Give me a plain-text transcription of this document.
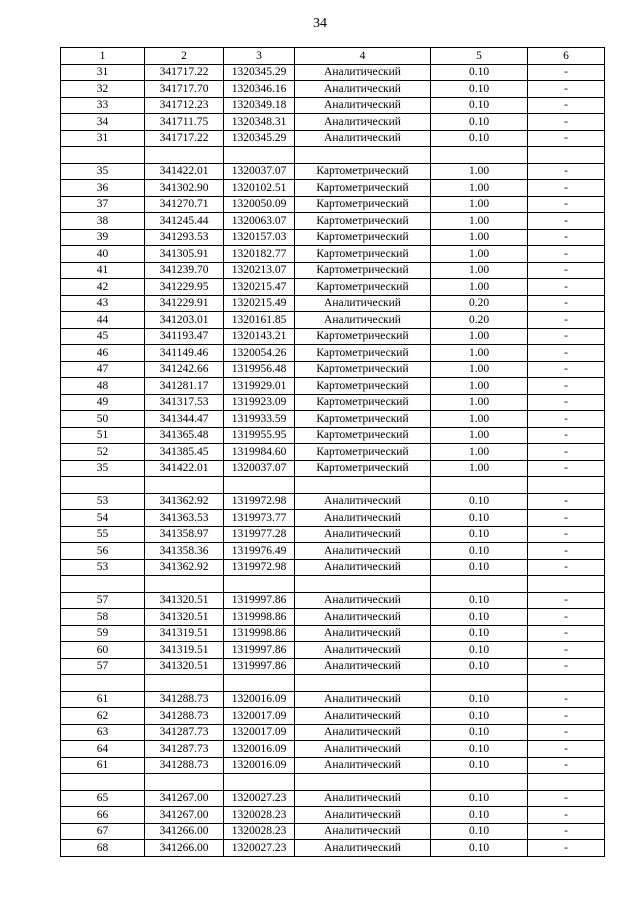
34
1	2	3	4	5	6
31	341717.22	1320345.29	Аналитический	0.10	-
32	341717.70	1320346.16	Аналитический	0.10	-
33	341712.23	1320349.18	Аналитический	0.10	-
34	341711.75	1320348.31	Аналитический	0.10	-
31	341717.22	1320345.29	Аналитический	0.10	-

35	341422.01	1320037.07	Картометрический	1.00	-
36	341302.90	1320102.51	Картометрический	1.00	-
37	341270.71	1320050.09	Картометрический	1.00	-
38	341245.44	1320063.07	Картометрический	1.00	-
39	341293.53	1320157.03	Картометрический	1.00	-
40	341305.91	1320182.77	Картометрический	1.00	-
41	341239.70	1320213.07	Картометрический	1.00	-
42	341229.95	1320215.47	Картометрический	1.00	-
43	341229.91	1320215.49	Аналитический	0.20	-
44	341203.01	1320161.85	Аналитический	0.20	-
45	341193.47	1320143.21	Картометрический	1.00	-
46	341149.46	1320054.26	Картометрический	1.00	-
47	341242.66	1319956.48	Картометрический	1.00	-
48	341281.17	1319929.01	Картометрический	1.00	-
49	341317.53	1319923.09	Картометрический	1.00	-
50	341344.47	1319933.59	Картометрический	1.00	-
51	341365.48	1319955.95	Картометрический	1.00	-
52	341385.45	1319984.60	Картометрический	1.00	-
35	341422.01	1320037.07	Картометрический	1.00	-

53	341362.92	1319972.98	Аналитический	0.10	-
54	341363.53	1319973.77	Аналитический	0.10	-
55	341358.97	1319977.28	Аналитический	0.10	-
56	341358.36	1319976.49	Аналитический	0.10	-
53	341362.92	1319972.98	Аналитический	0.10	-

57	341320.51	1319997.86	Аналитический	0.10	-
58	341320.51	1319998.86	Аналитический	0.10	-
59	341319.51	1319998.86	Аналитический	0.10	-
60	341319.51	1319997.86	Аналитический	0.10	-
57	341320.51	1319997.86	Аналитический	0.10	-

61	341288.73	1320016.09	Аналитический	0.10	-
62	341288.73	1320017.09	Аналитический	0.10	-
63	341287.73	1320017.09	Аналитический	0.10	-
64	341287.73	1320016.09	Аналитический	0.10	-
61	341288.73	1320016.09	Аналитический	0.10	-

65	341267.00	1320027.23	Аналитический	0.10	-
66	341267.00	1320028.23	Аналитический	0.10	-
67	341266.00	1320028.23	Аналитический	0.10	-
68	341266.00	1320027.23	Аналитический	0.10	-
